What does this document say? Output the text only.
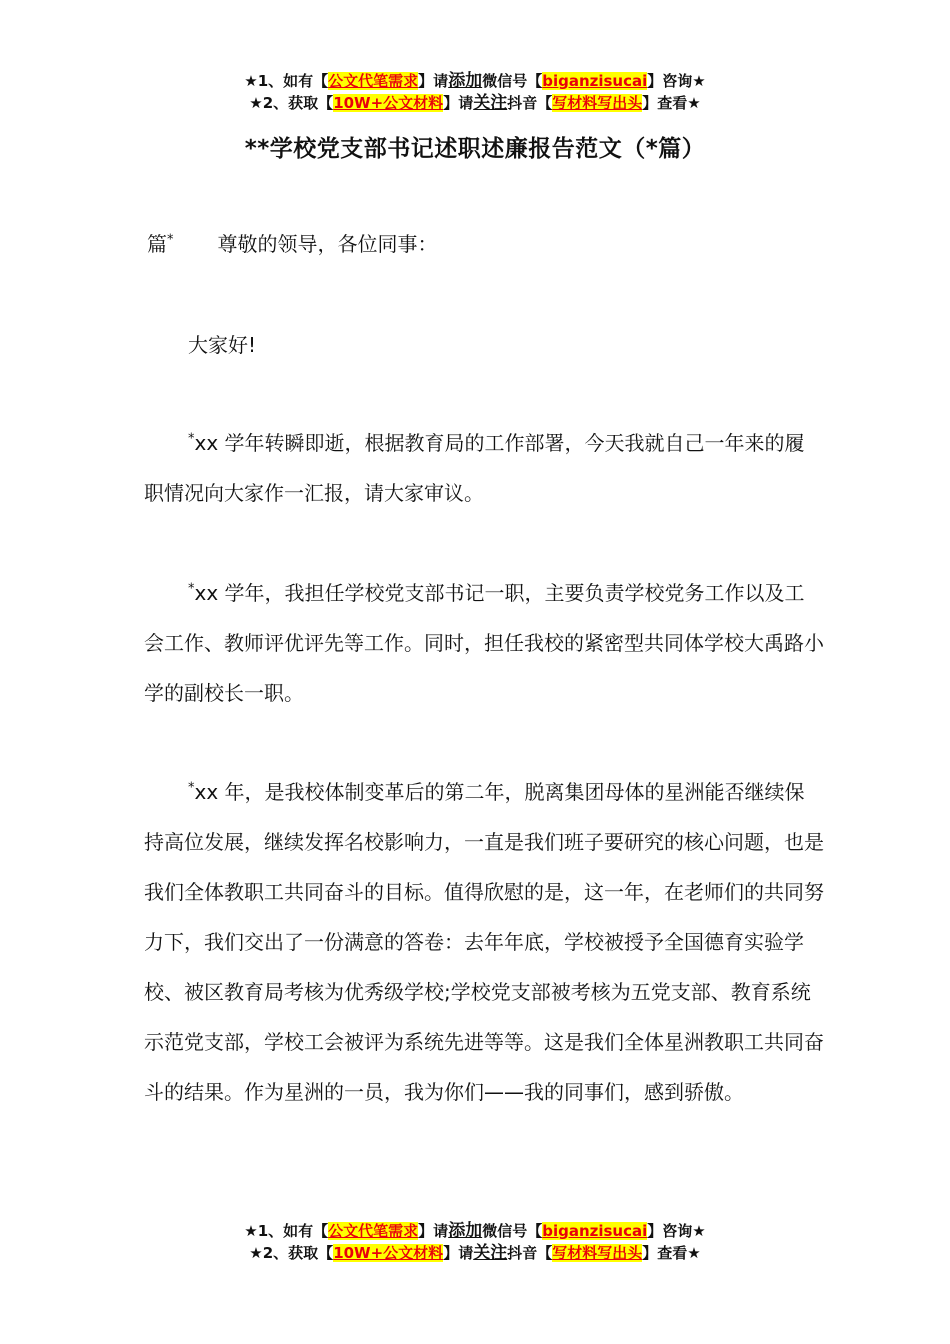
★1、如有【公文代笔需求】请添加微信号【biganzisucai】咨询★
★2、获取【10W+公文材料】请关注抖音【写材料写出头】查看★
**学校党支部书记述职述廉报告范文（*篇）
篇* 尊敬的领导，各位同事：

大家好!

*xx 学年转瞬即逝，根据教育局的工作部署，今天我就自己一年来的履职情况向大家作一汇报，请大家审议。

*xx 学年，我担任学校党支部书记一职，主要负责学校党务工作以及工会工作、教师评优评先等工作。同时，担任我校的紧密型共同体学校大禹路小学的副校长一职。

*xx 年，是我校体制变革后的第二年，脱离集团母体的星洲能否继续保持高位发展，继续发挥名校影响力，一直是我们班子要研究的核心问题，也是我们全体教职工共同奋斗的目标。值得欣慰的是，这一年，在老师们的共同努力下，我们交出了一份满意的答卷：去年年底，学校被授予全国德育实验学校、被区教育局考核为优秀级学校;学校党支部被考核为五党支部、教育系统示范党支部，学校工会被评为系统先进等等。这是我们全体星洲教职工共同奋斗的结果。作为星洲的一员，我为你们——我的同事们，感到骄傲。

★1、如有【公文代笔需求】请添加微信号【biganzisucai】咨询★
★2、获取【10W+公文材料】请关注抖音【写材料写出头】查看★
